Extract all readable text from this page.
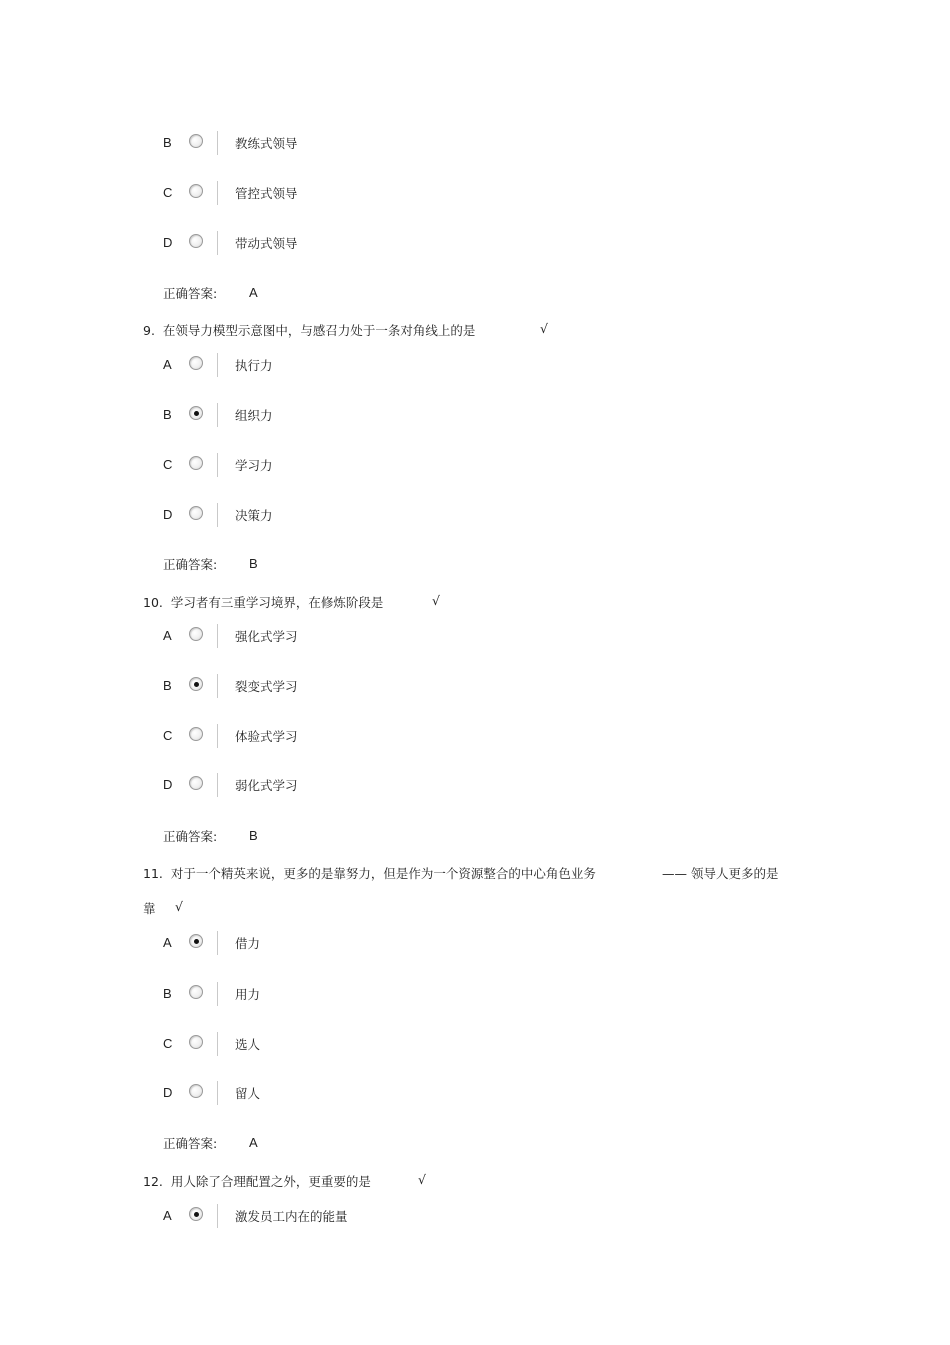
B	教练式领导
C	管控式领导
D	带动式领导
正确答案: A
9. 在领导力模型示意图中，与感召力处于一条对角线上的是	√
A	执行力
B	组织力
C	学习力
D	决策力
正确答案: B
10. 学习者有三重学习境界，在修炼阶段是	√
A	强化式学习
B	裂变式学习
C	体验式学习
D	弱化式学习
正确答案: B
11. 对于一个精英来说，更多的是靠努力，但是作为一个资源整合的中心角色业务	—— 领导人更多的是
靠 √
A	借力
B	用力
C	选人
D	留人
正确答案: A
12. 用人除了合理配置之外，更重要的是	√
A	激发员工内在的能量
